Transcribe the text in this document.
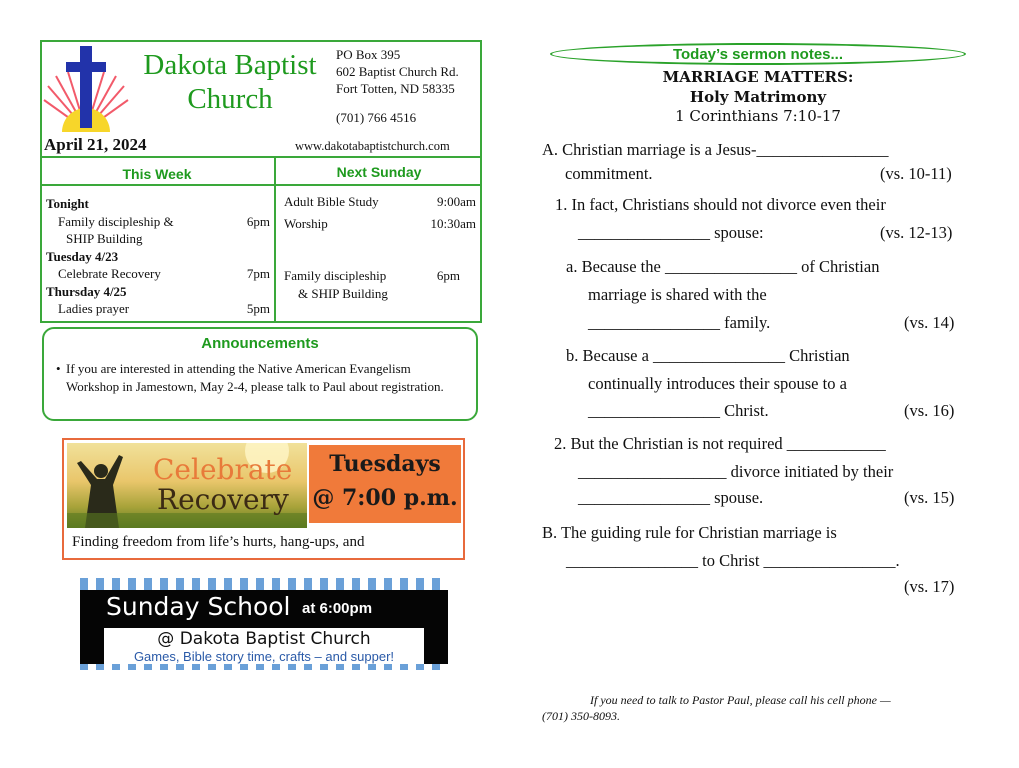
Dakota Baptist
Church
PO Box 395
602 Baptist Church Rd.
Fort Totten, ND 58335
(701) 766 4516
April 21, 2024	www.dakotabaptistchurch.com
This Week	Next Sunday
Tonight
Family discipleship &	6pm
SHIP Building
Tuesday 4/23
Celebrate Recovery	7pm
Thursday 4/25
Ladies prayer	5pm
Adult Bible Study	9:00am
Worship	10:30am
Family discipleship	6pm
& SHIP Building
Announcements
• If you are interested in attending the Native American Evangelism Workshop in Jamestown, May 2-4, please talk to Paul about registration.
Celebrate
Recovery
Tuesdays
@ 7:00 p.m.
Finding freedom from life’s hurts, hang-ups, and
Sunday School at 6:00pm
@ Dakota Baptist Church
Games, Bible story time, crafts – and supper!
Today’s sermon notes...
MARRIAGE MATTERS:
Holy Matrimony
1 Corinthians 7:10-17
A. Christian marriage is a Jesus-________________
commitment.	(vs. 10-11)
1. In fact, Christians should not divorce even their
________________ spouse:	(vs. 12-13)
a. Because the ________________ of Christian
marriage is shared with the
________________ family.	(vs. 14)
b. Because a ________________ Christian
continually introduces their spouse to a
________________ Christ.	(vs. 16)
2. But the Christian is not required ____________
__________________ divorce initiated by their
________________ spouse.	(vs. 15)
B. The guiding rule for Christian marriage is
________________ to Christ ________________.
(vs. 17)
If you need to talk to Pastor Paul, please call his cell phone —
(701) 350-8093.
